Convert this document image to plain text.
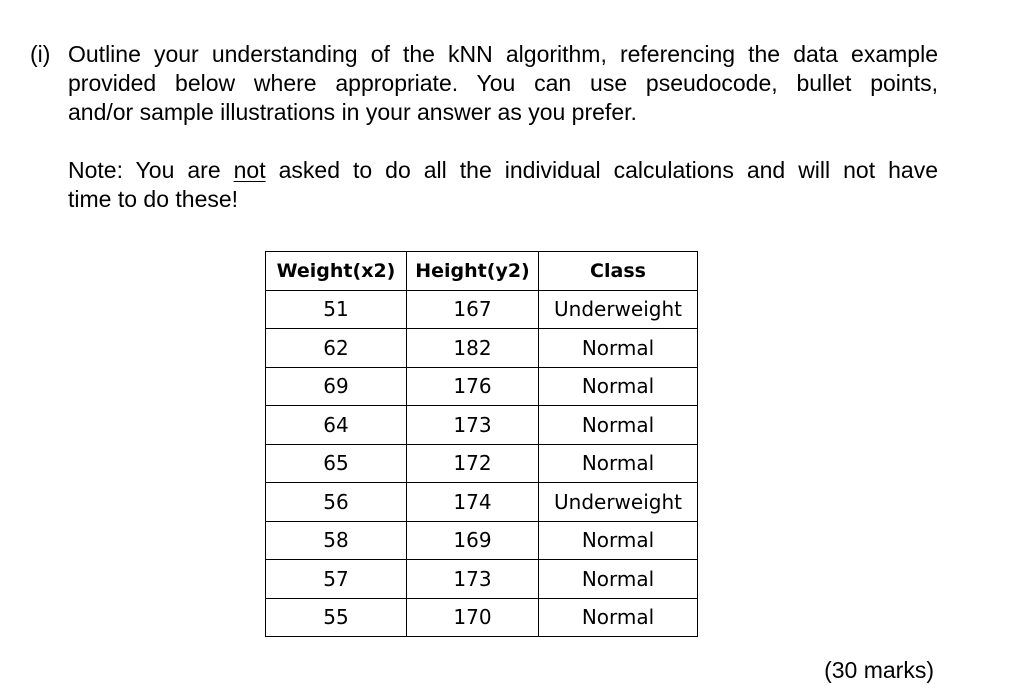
(i) Outline your understanding of the kNN algorithm, referencing the data example
provided below where appropriate. You can use pseudocode, bullet points,
and/or sample illustrations in your answer as you prefer.
Note: You are not asked to do all the individual calculations and will not have
time to do these!
Weight(x2)	Height(y2)	Class
51	167	Underweight
62	182	Normal
69	176	Normal
64	173	Normal
65	172	Normal
56	174	Underweight
58	169	Normal
57	173	Normal
55	170	Normal
(30 marks)
